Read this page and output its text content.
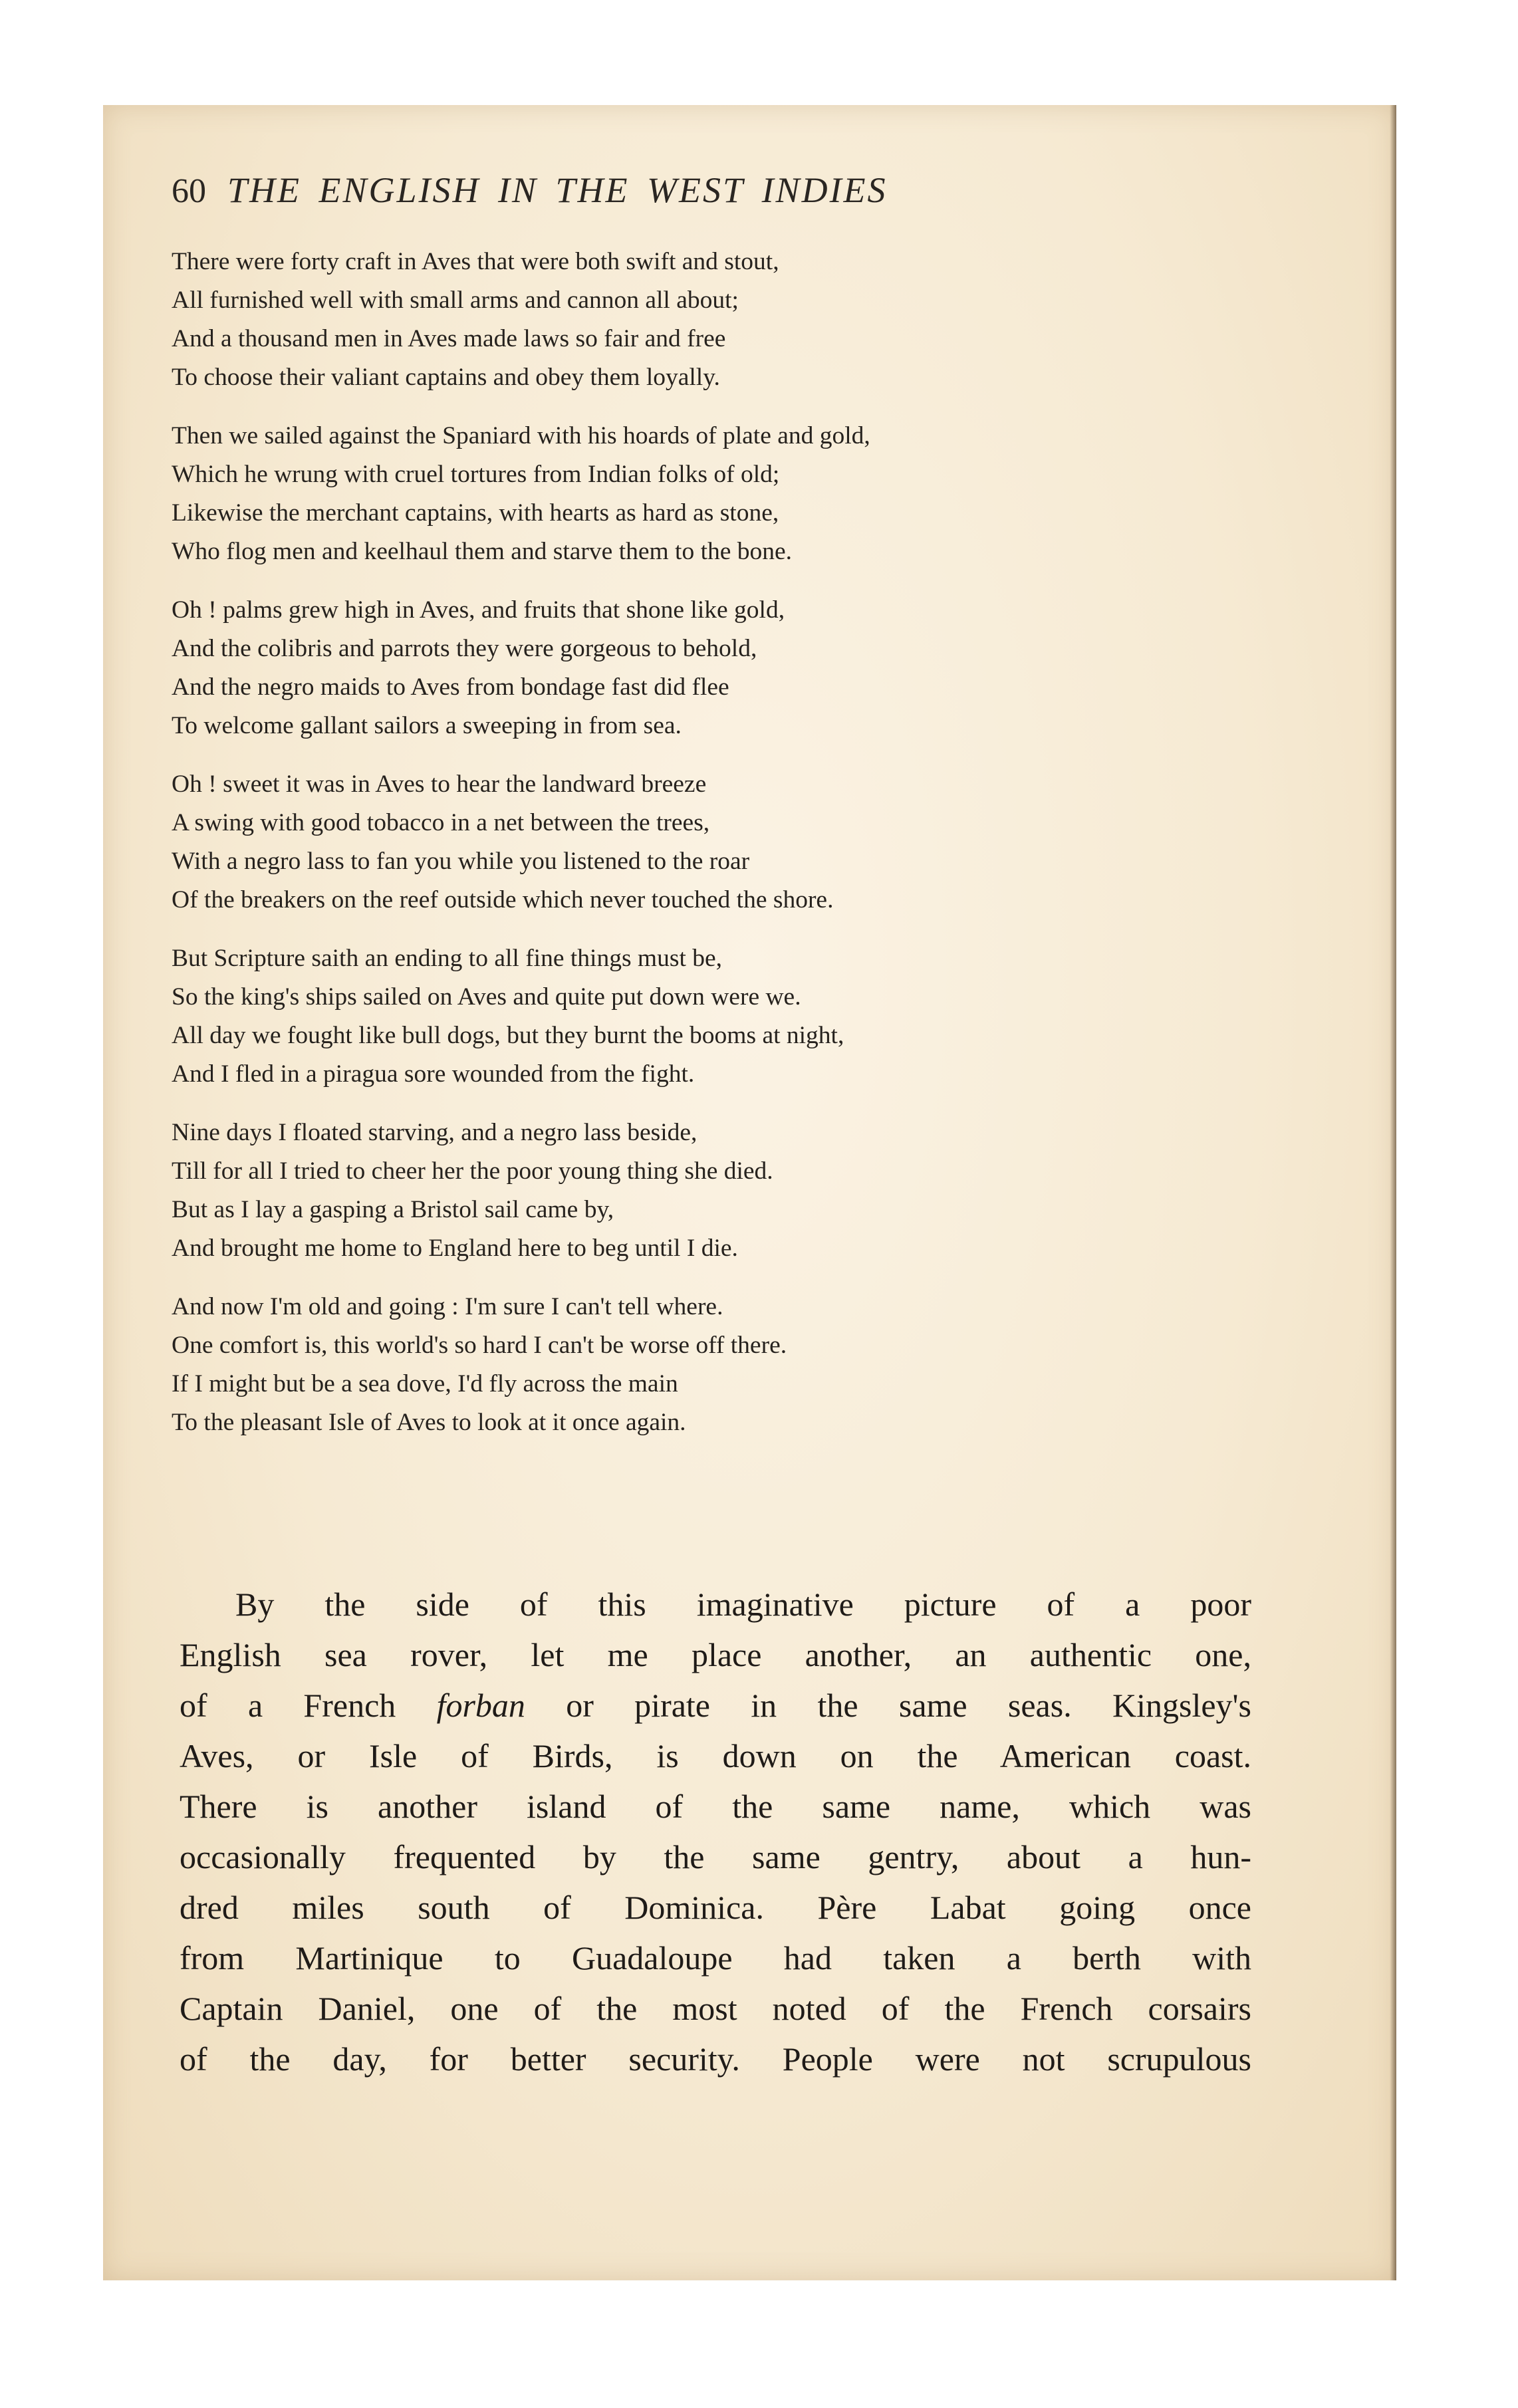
60 THE ENGLISH IN THE WEST INDIES
There were forty craft in Aves that were both swift and stout,
All furnished well with small arms and cannon all about;
And a thousand men in Aves made laws so fair and free
To choose their valiant captains and obey them loyally.
Then we sailed against the Spaniard with his hoards of plate and gold,
Which he wrung with cruel tortures from Indian folks of old;
Likewise the merchant captains, with hearts as hard as stone,
Who flog men and keelhaul them and starve them to the bone.
Oh ! palms grew high in Aves, and fruits that shone like gold,
And the colibris and parrots they were gorgeous to behold,
And the negro maids to Aves from bondage fast did flee
To welcome gallant sailors a sweeping in from sea.
Oh ! sweet it was in Aves to hear the landward breeze
A swing with good tobacco in a net between the trees,
With a negro lass to fan you while you listened to the roar
Of the breakers on the reef outside which never touched the shore.
But Scripture saith an ending to all fine things must be,
So the king's ships sailed on Aves and quite put down were we.
All day we fought like bull dogs, but they burnt the booms at night,
And I fled in a piragua sore wounded from the fight.
Nine days I floated starving, and a negro lass beside,
Till for all I tried to cheer her the poor young thing she died.
But as I lay a gasping a Bristol sail came by,
And brought me home to England here to beg until I die.
And now I'm old and going : I'm sure I can't tell where.
One comfort is, this world's so hard I can't be worse off there.
If I might but be a sea dove, I'd fly across the main
To the pleasant Isle of Aves to look at it once again.
By the side of this imaginative picture of a poor
English sea rover, let me place another, an authentic one,
of a French forban or pirate in the same seas. Kingsley's
Aves, or Isle of Birds, is down on the American coast.
There is another island of the same name, which was
occasionally frequented by the same gentry, about a hun-
dred miles south of Dominica. Père Labat going once
from Martinique to Guadaloupe had taken a berth with
Captain Daniel, one of the most noted of the French corsairs
of the day, for better security. People were not scrupulous
